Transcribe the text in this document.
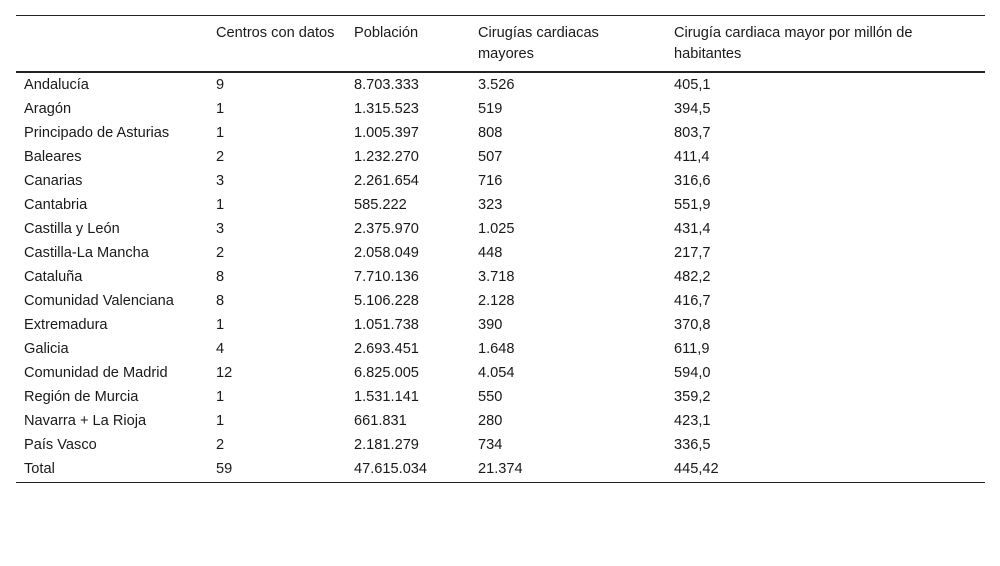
	Centros con datos	Población	Cirugías cardiacas mayores	Cirugía cardiaca mayor por millón de habitantes
Andalucía	9	8.703.333	3.526	405,1
Aragón	1	1.315.523	519	394,5
Principado de Asturias	1	1.005.397	808	803,7
Baleares	2	1.232.270	507	411,4
Canarias	3	2.261.654	716	316,6
Cantabria	1	585.222	323	551,9
Castilla y León	3	2.375.970	1.025	431,4
Castilla-La Mancha	2	2.058.049	448	217,7
Cataluña	8	7.710.136	3.718	482,2
Comunidad Valenciana	8	5.106.228	2.128	416,7
Extremadura	1	1.051.738	390	370,8
Galicia	4	2.693.451	1.648	611,9
Comunidad de Madrid	12	6.825.005	4.054	594,0
Región de Murcia	1	1.531.141	550	359,2
Navarra + La Rioja	1	661.831	280	423,1
País Vasco	2	2.181.279	734	336,5
Total	59	47.615.034	21.374	445,42
